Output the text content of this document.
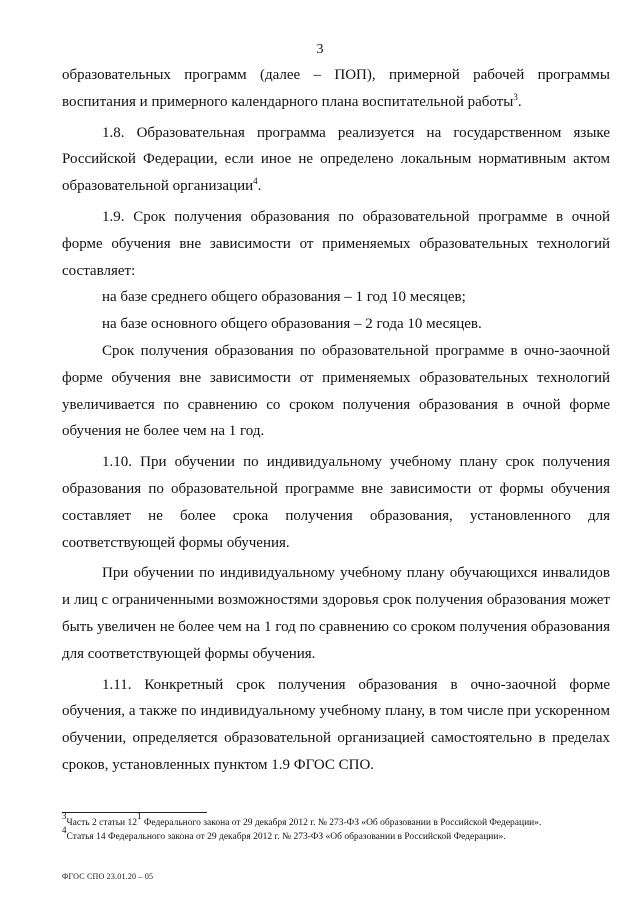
3

образовательных программ (далее – ПОП), примерной рабочей программы воспитания и примерного календарного плана воспитательной работы$^3$.

1.8. Образовательная программа реализуется на государственном языке Российской Федерации, если иное не определено локальным нормативным актом образовательной организации$^4$.

1.9. Срок получения образования по образовательной программе в очной форме обучения вне зависимости от применяемых образовательных технологий составляет:

на базе среднего общего образования – 1 год 10 месяцев;

на базе основного общего образования – 2 года 10 месяцев.

Срок получения образования по образовательной программе в очно-заочной форме обучения вне зависимости от применяемых образовательных технологий увеличивается по сравнению со сроком получения образования в очной форме обучения не более чем на 1 год.

1.10. При обучении по индивидуальному учебному плану срок получения образования по образовательной программе вне зависимости от формы обучения составляет не более срока получения образования, установленного для соответствующей формы обучения.

При обучении по индивидуальному учебному плану обучающихся инвалидов и лиц с ограниченными возможностями здоровья срок получения образования может быть увеличен не более чем на 1 год по сравнению со сроком получения образования для соответствующей формы обучения.

1.11. Конкретный срок получения образования в очно-заочной форме обучения, а также по индивидуальному учебному плану, в том числе при ускоренном обучении, определяется образовательной организацией самостоятельно в пределах сроков, установленных пунктом 1.9 ФГОС СПО.

$^3$Часть 2 статьи $12^1$ Федерального закона от 29 декабря 2012 г. № 273-ФЗ «Об образовании в Российской Федерации».
$^4$Статья 14 Федерального закона от 29 декабря 2012 г. № 273-ФЗ «Об образовании в Российской Федерации».
ФГОС СПО 23.01.20 – 05
